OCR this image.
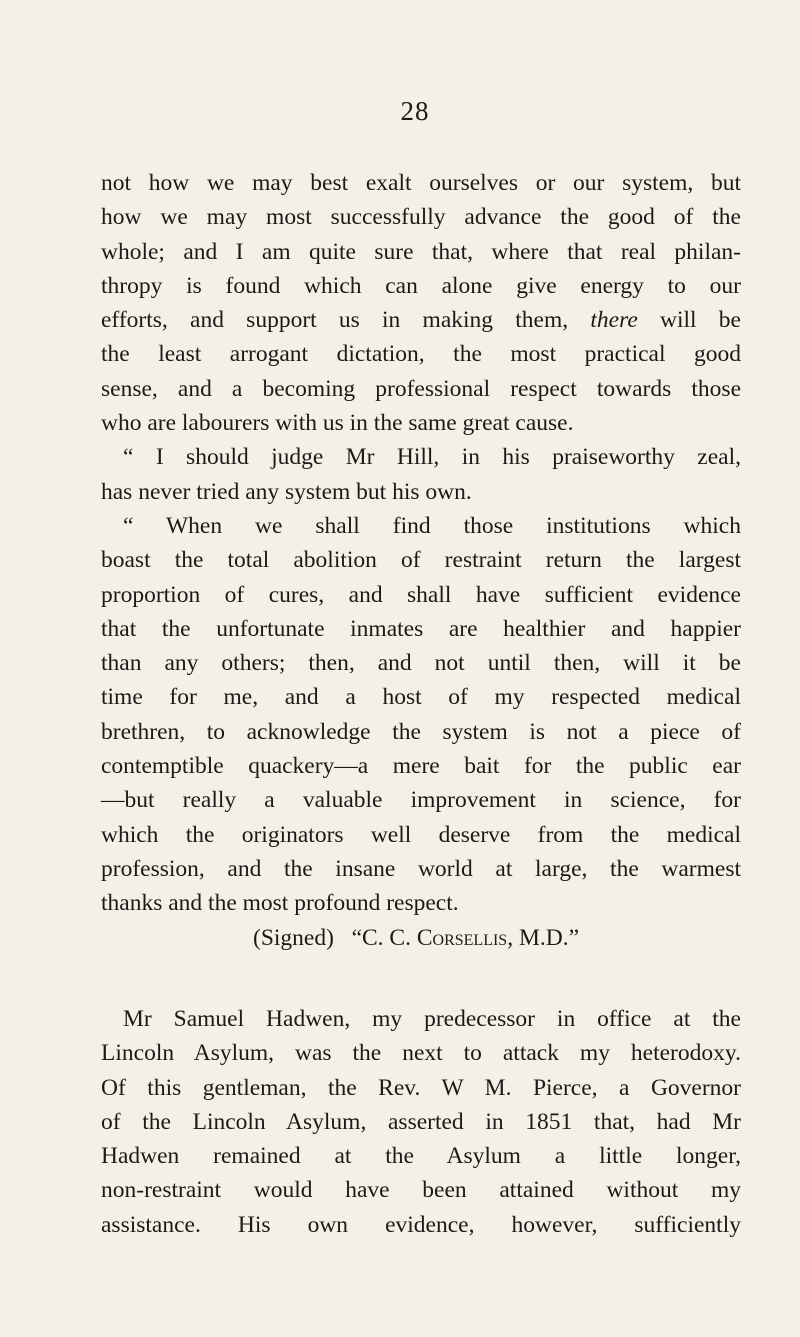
28
not how we may best exalt ourselves or our system, but
how we may most successfully advance the good of the
whole; and I am quite sure that, where that real philan-
thropy is found which can alone give energy to our
efforts, and support us in making them, there will be
the least arrogant dictation, the most practical good
sense, and a becoming professional respect towards those
who are labourers with us in the same great cause.
“ I should judge Mr Hill, in his praiseworthy zeal,
has never tried any system but his own.
“ When we shall find those institutions which
boast the total abolition of restraint return the largest
proportion of cures, and shall have sufficient evidence
that the unfortunate inmates are healthier and happier
than any others; then, and not until then, will it be
time for me, and a host of my respected medical
brethren, to acknowledge the system is not a piece of
contemptible quackery—a mere bait for the public ear
—but really a valuable improvement in science, for
which the originators well deserve from the medical
profession, and the insane world at large, the warmest
thanks and the most profound respect.
(Signed) “C. C. Corsellis, M.D.”
Mr Samuel Hadwen, my predecessor in office at the
Lincoln Asylum, was the next to attack my heterodoxy.
Of this gentleman, the Rev. W M. Pierce, a Governor
of the Lincoln Asylum, asserted in 1851 that, had Mr
Hadwen remained at the Asylum a little longer,
non-restraint would have been attained without my
assistance. His own evidence, however, sufficiently
